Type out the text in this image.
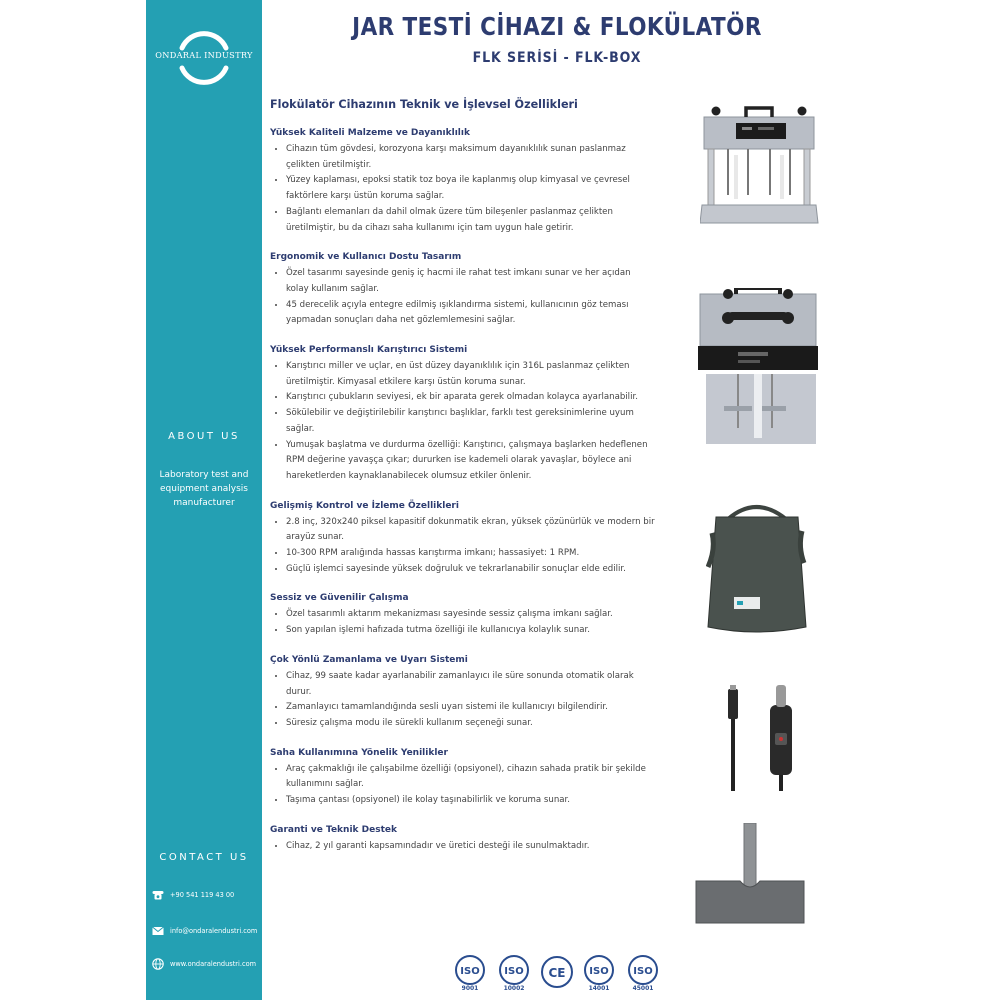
ONDARAL INDUSTRY
ABOUT US
Laboratory test and equipment analysis manufacturer
CONTACT US
+90 541 119 43 00
info@ondaralendustri.com
www.ondaralendustri.com
JAR TESTİ CİHAZI & FLOKÜLATÖR
FLK SERİSİ - FLK-BOX
Flokülatör Cihazının Teknik ve İşlevsel Özellikleri
Yüksek Kaliteli Malzeme ve Dayanıklılık
• Cihazın tüm gövdesi, korozyona karşı maksimum dayanıklılık sunan paslanmaz çelikten üretilmiştir.
• Yüzey kaplaması, epoksi statik toz boya ile kaplanmış olup kimyasal ve çevresel faktörlere karşı üstün koruma sağlar.
• Bağlantı elemanları da dahil olmak üzere tüm bileşenler paslanmaz çelikten üretilmiştir, bu da cihazı saha kullanımı için tam uygun hale getirir.
Ergonomik ve Kullanıcı Dostu Tasarım
• Özel tasarımı sayesinde geniş iç hacmi ile rahat test imkanı sunar ve her açıdan kolay kullanım sağlar.
• 45 derecelik açıyla entegre edilmiş ışıklandırma sistemi, kullanıcının göz teması yapmadan sonuçları daha net gözlemlemesini sağlar.
Yüksek Performanslı Karıştırıcı Sistemi
• Karıştırıcı miller ve uçlar, en üst düzey dayanıklılık için 316L paslanmaz çelikten üretilmiştir. Kimyasal etkilere karşı üstün koruma sunar.
• Karıştırıcı çubukların seviyesi, ek bir aparata gerek olmadan kolayca ayarlanabilir.
• Sökülebilir ve değiştirilebilir karıştırıcı başlıklar, farklı test gereksinimlerine uyum sağlar.
• Yumuşak başlatma ve durdurma özelliği: Karıştırıcı, çalışmaya başlarken hedeflenen RPM değerine yavaşça çıkar; dururken ise kademeli olarak yavaşlar, böylece ani hareketlerden kaynaklanabilecek olumsuz etkiler önlenir.
Gelişmiş Kontrol ve İzleme Özellikleri
• 2.8 inç, 320x240 piksel kapasitif dokunmatik ekran, yüksek çözünürlük ve modern bir arayüz sunar.
• 10-300 RPM aralığında hassas karıştırma imkanı; hassasiyet: 1 RPM.
• Güçlü işlemci sayesinde yüksek doğruluk ve tekrarlanabilir sonuçlar elde edilir.
Sessiz ve Güvenilir Çalışma
• Özel tasarımlı aktarım mekanizması sayesinde sessiz çalışma imkanı sağlar.
• Son yapılan işlemi hafızada tutma özelliği ile kullanıcıya kolaylık sunar.
Çok Yönlü Zamanlama ve Uyarı Sistemi
• Cihaz, 99 saate kadar ayarlanabilir zamanlayıcı ile süre sonunda otomatik olarak durur.
• Zamanlayıcı tamamlandığında sesli uyarı sistemi ile kullanıcıyı bilgilendirir.
• Süresiz çalışma modu ile sürekli kullanım seçeneği sunar.
Saha Kullanımına Yönelik Yenilikler
• Araç çakmaklığı ile çalışabilme özelliği (opsiyonel), cihazın sahada pratik bir şekilde kullanımını sağlar.
• Taşıma çantası (opsiyonel) ile kolay taşınabilirlik ve koruma sunar.
Garanti ve Teknik Destek
• Cihaz, 2 yıl garanti kapsamındadır ve üretici desteği ile sunulmaktadır.
ISO
9001
ISO
10002
CE ISO
14001
ISO
45001
